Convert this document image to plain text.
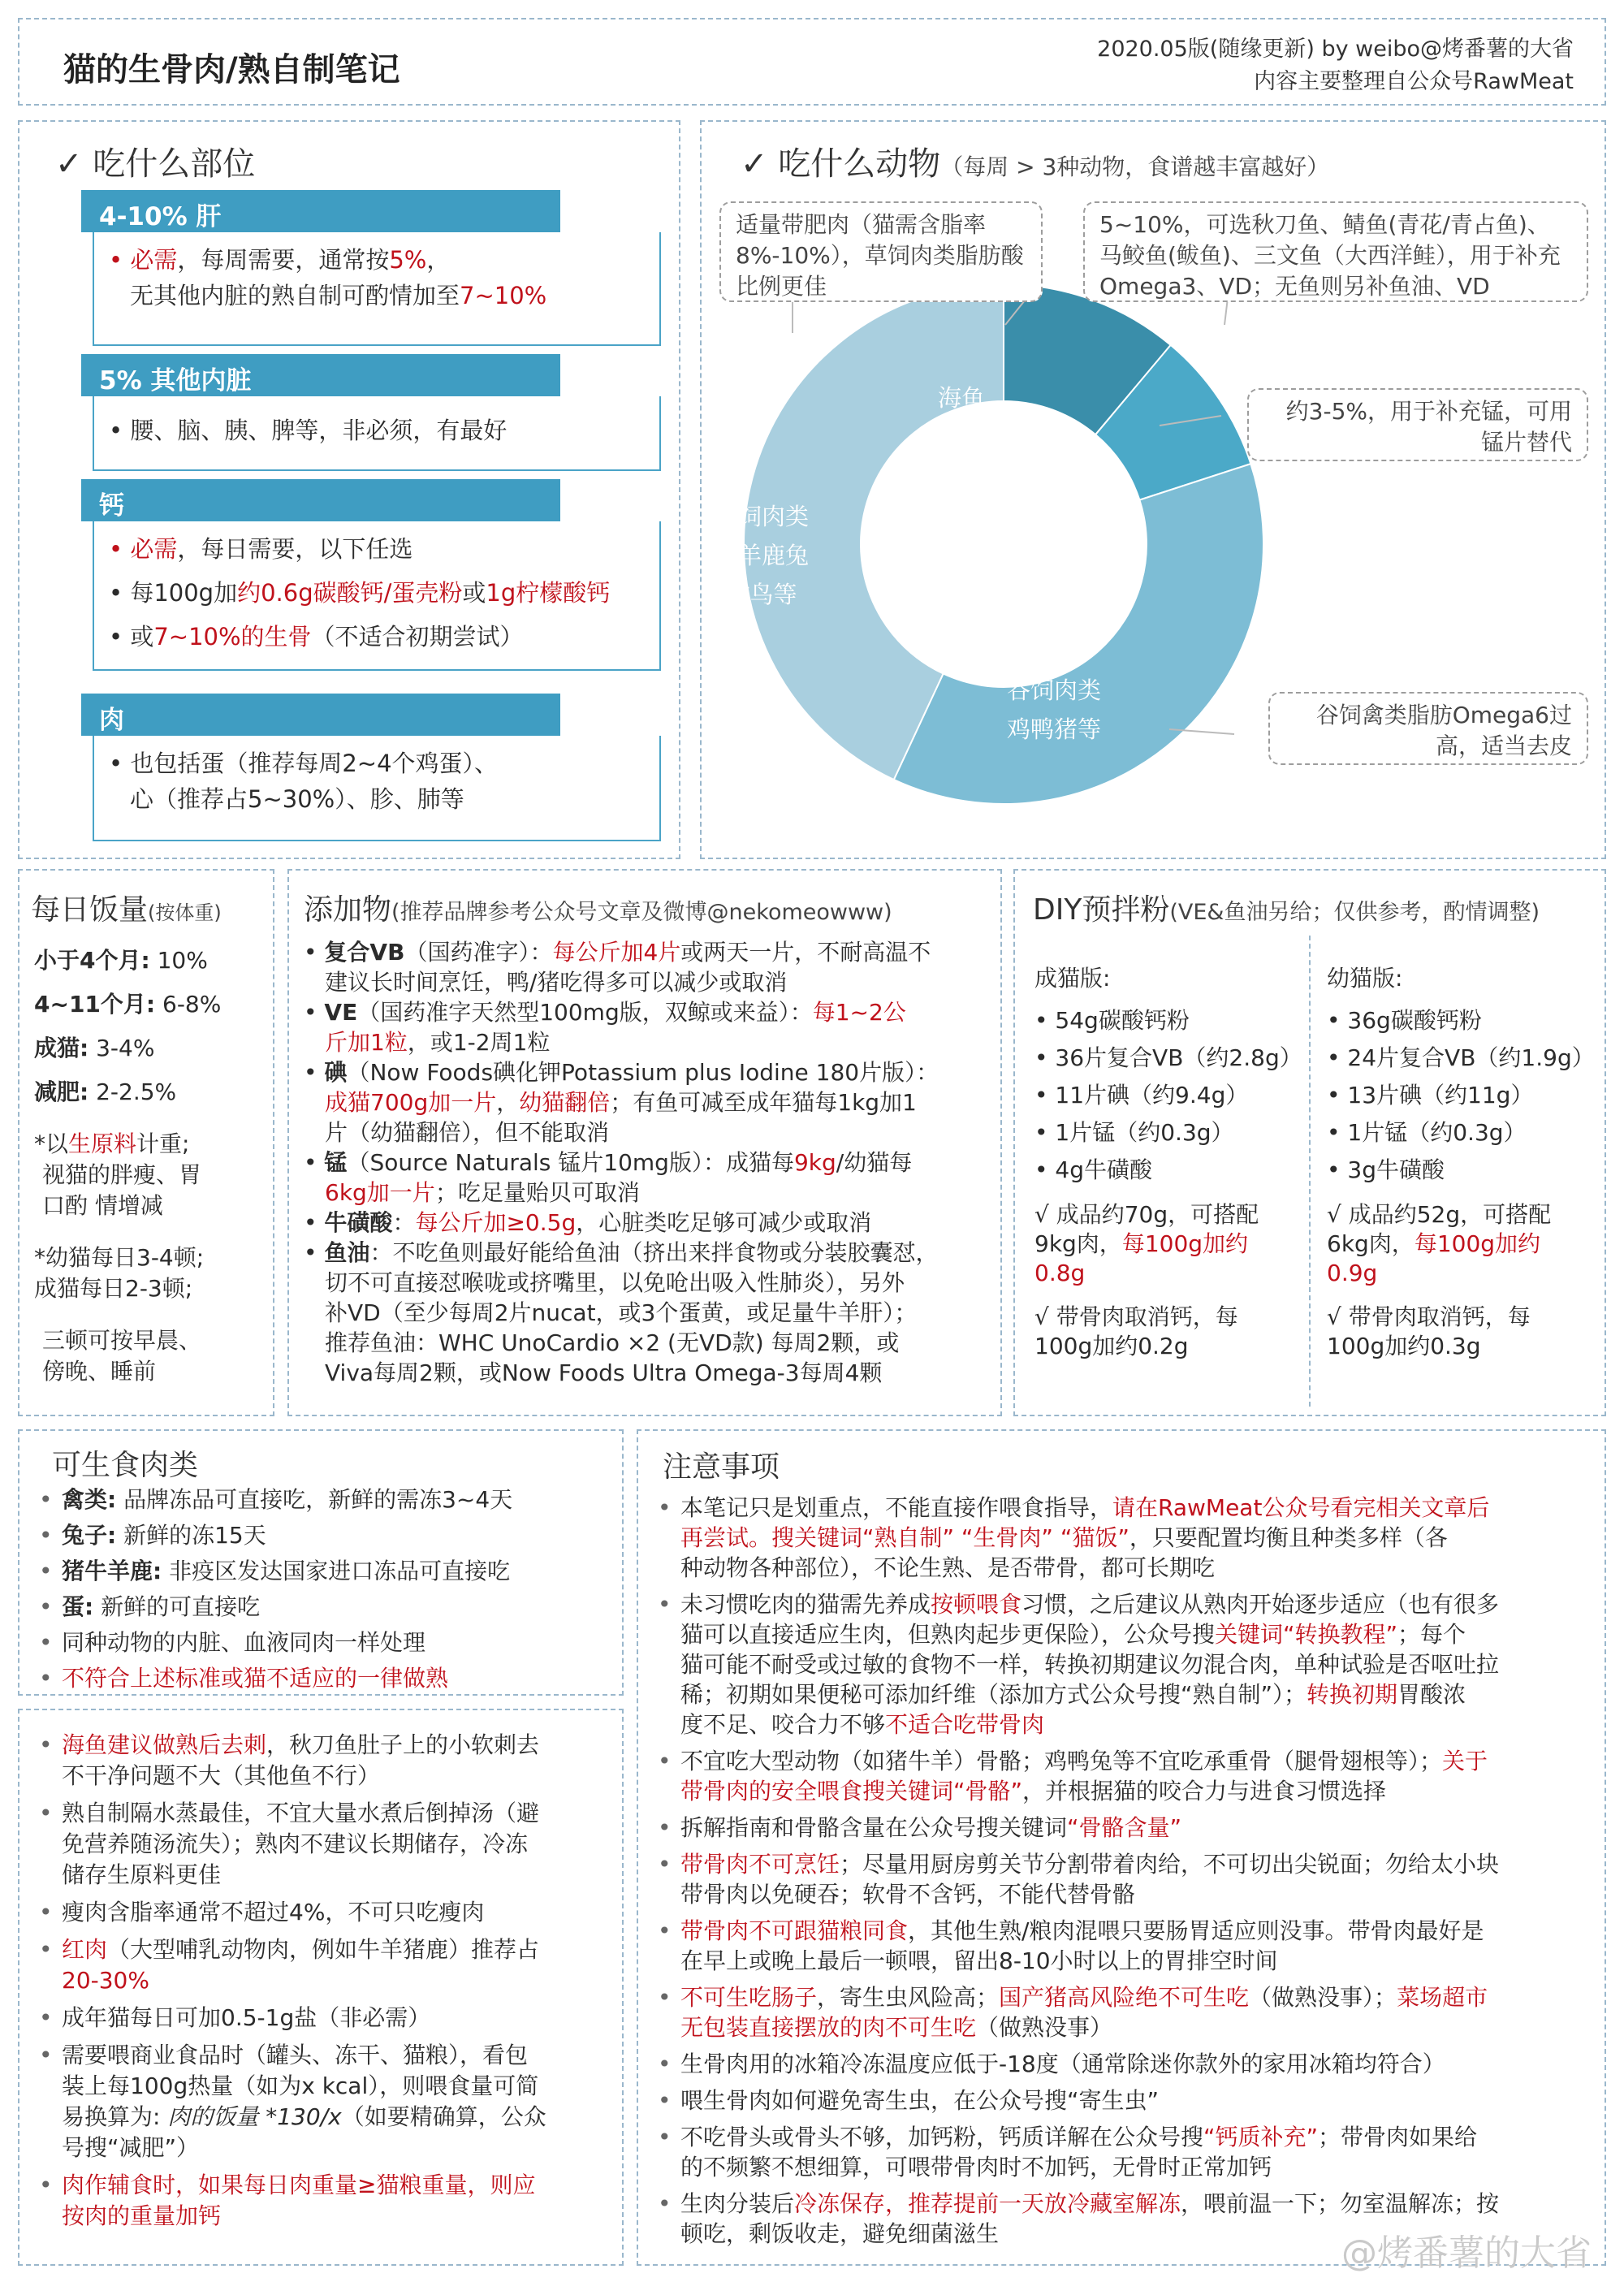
猫的生骨肉/熟自制笔记
2020.05版(随缘更新) by weibo@烤番薯的大省
内容主要整理自公众号RawMeat
✓ 吃什么部位
4-10% 肝
• 必需，每周需要，通常按5%，
无其他内脏的熟自制可酌情加至7~10%
5% 其他内脏
• 腰、脑、胰、脾等，非必须，有最好
钙
• 必需，每日需要，以下任选
• 每100g加约0.6g碳酸钙/蛋壳粉或1g柠檬酸钙
• 或7~10%的生骨（不适合初期尝试）
肉
• 也包括蛋（推荐每周2~4个鸡蛋）、
心（推荐占5~30%）、胗、肺等
✓ 吃什么动物（每周 > 3种动物，食谱越丰富越好）
海鱼
贻贝
谷饲肉类
鸡鸭猪等
草饲肉类
牛羊鹿兔
鸵鸟等
适量带肥肉（猫需含脂率 8%-10%），草饲肉类脂肪酸比例更佳
5~10%，可选秋刀鱼、鲭鱼(青花/青占鱼)、马鲛鱼(鲅鱼)、三文鱼（大西洋鲑），用于补充Omega3、VD；无鱼则另补鱼油、VD
约3-5%，用于补充锰，可用锰片替代
谷饲禽类脂肪Omega6过高，适当去皮
每日饭量(按体重)
小于4个月: 10%
4~11个月: 6-8%
成猫: 3-4%
减肥: 2-2.5%
*以生原料计重;
视猫的胖瘦、胃
口酌 情增减
*幼猫每日3-4顿;
成猫每日2-3顿;
三顿可按早晨、
傍晚、睡前
添加物(推荐品牌参考公众号文章及微博@nekomeowww)
• 复合VB（国药准字）：每公斤加4片或两天一片，不耐高温不
建议长时间烹饪，鸭/猪吃得多可以减少或取消
• VE（国药准字天然型100mg版，双鲸或来益）：每1~2公
斤加1粒，或1-2周1粒
• 碘（Now Foods碘化钾Potassium plus Iodine 180片版）：
成猫700g加一片，幼猫翻倍；有鱼可减至成年猫每1kg加1
片（幼猫翻倍），但不能取消
• 锰（Source Naturals 锰片10mg版）：成猫每9kg/幼猫每
6kg加一片；吃足量贻贝可取消
• 牛磺酸：每公斤加≥0.5g，心脏类吃足够可减少或取消
• 鱼油：不吃鱼则最好能给鱼油（挤出来拌食物或分装胶囊怼，
切不可直接怼喉咙或挤嘴里，以免呛出吸入性肺炎），另外
补VD（至少每周2片nucat，或3个蛋黄，或足量牛羊肝）；
推荐鱼油：WHC UnoCardio ×2 (无VD款) 每周2颗，或
Viva每周2颗，或Now Foods Ultra Omega-3每周4颗
DIY预拌粉(VE&鱼油另给；仅供参考，酌情调整)
成猫版:
• 54g碳酸钙粉
• 36片复合VB（约2.8g）
• 11片碘（约9.4g）
• 1片锰（约0.3g）
• 4g牛磺酸
√ 成品约70g，可搭配
9kg肉，每100g加约
0.8g
√ 带骨肉取消钙，每
100g加约0.2g
幼猫版:
• 36g碳酸钙粉
• 24片复合VB（约1.9g）
• 13片碘（约11g）
• 1片锰（约0.3g）
• 3g牛磺酸
√ 成品约52g，可搭配
6kg肉，每100g加约
0.9g
√ 带骨肉取消钙，每
100g加约0.3g
可生食肉类
• 禽类: 品牌冻品可直接吃，新鲜的需冻3~4天
• 兔子: 新鲜的冻15天
• 猪牛羊鹿: 非疫区发达国家进口冻品可直接吃
• 蛋: 新鲜的可直接吃
• 同种动物的内脏、血液同肉一样处理
• 不符合上述标准或猫不适应的一律做熟
• 海鱼建议做熟后去刺，秋刀鱼肚子上的小软刺去
不干净问题不大（其他鱼不行）
• 熟自制隔水蒸最佳，不宜大量水煮后倒掉汤（避
免营养随汤流失）；熟肉不建议长期储存，冷冻
储存生原料更佳
• 瘦肉含脂率通常不超过4%，不可只吃瘦肉
• 红肉（大型哺乳动物肉，例如牛羊猪鹿）推荐占
20-30%
• 成年猫每日可加0.5-1g盐（非必需）
• 需要喂商业食品时（罐头、冻干、猫粮），看包
装上每100g热量（如为x kcal），则喂食量可简
易换算为: 肉的饭量 *130/x（如要精确算，公众
号搜“减肥”）
• 肉作辅食时，如果每日肉重量≥猫粮重量，则应
按肉的重量加钙
注意事项
• 本笔记只是划重点，不能直接作喂食指导，请在RawMeat公众号看完相关文章后
再尝试。搜关键词“熟自制” “生骨肉” “猫饭”，只要配置均衡且种类多样（各
种动物各种部位），不论生熟、是否带骨，都可长期吃
• 未习惯吃肉的猫需先养成按顿喂食习惯，之后建议从熟肉开始逐步适应（也有很多
猫可以直接适应生肉，但熟肉起步更保险），公众号搜关键词“转换教程”；每个
猫可能不耐受或过敏的食物不一样，转换初期建议勿混合肉，单种试验是否呕吐拉
稀；初期如果便秘可添加纤维（添加方式公众号搜“熟自制”）；转换初期胃酸浓
度不足、咬合力不够不适合吃带骨肉
• 不宜吃大型动物（如猪牛羊）骨骼；鸡鸭兔等不宜吃承重骨（腿骨翅根等）；关于
带骨肉的安全喂食搜关键词“骨骼”，并根据猫的咬合力与进食习惯选择
• 拆解指南和骨骼含量在公众号搜关键词“骨骼含量”
• 带骨肉不可烹饪；尽量用厨房剪关节分割带着肉给，不可切出尖锐面；勿给太小块
带骨肉以免硬吞；软骨不含钙，不能代替骨骼
• 带骨肉不可跟猫粮同食，其他生熟/粮肉混喂只要肠胃适应则没事。带骨肉最好是
在早上或晚上最后一顿喂，留出8-10小时以上的胃排空时间
• 不可生吃肠子，寄生虫风险高；国产猪高风险绝不可生吃（做熟没事）；菜场超市
无包装直接摆放的肉不可生吃（做熟没事）
• 生骨肉用的冰箱冷冻温度应低于-18度（通常除迷你款外的家用冰箱均符合）
• 喂生骨肉如何避免寄生虫，在公众号搜“寄生虫”
• 不吃骨头或骨头不够，加钙粉，钙质详解在公众号搜“钙质补充”；带骨肉如果给
的不频繁不想细算，可喂带骨肉时不加钙，无骨时正常加钙
• 生肉分装后冷冻保存，推荐提前一天放冷藏室解冻，喂前温一下；勿室温解冻；按
顿吃，剩饭收走，避免细菌滋生	@烤番薯的大省
